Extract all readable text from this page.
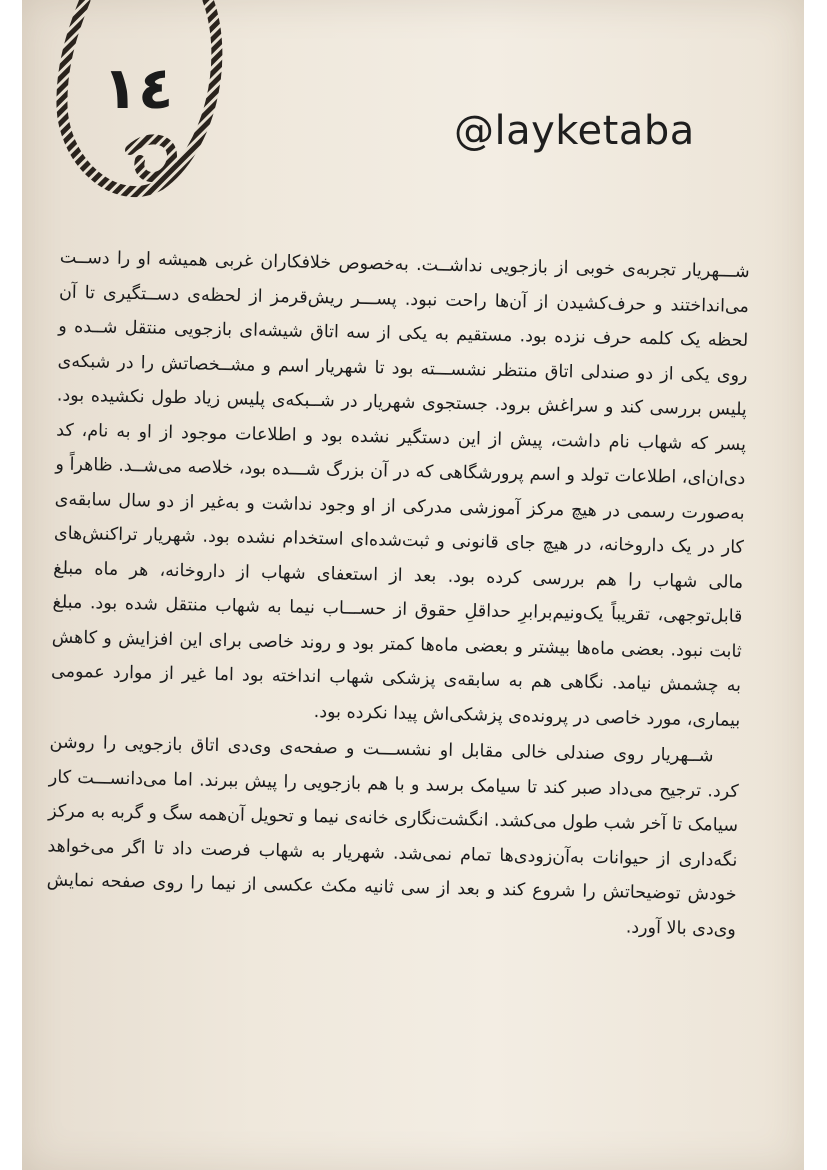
۱٤
@layketaba

شـــهریار تجربه‌ی خوبی از بازجویی نداشــت. به‌خصوص خلافکاران غربی همیشه او را دســت می‌انداختند و حرف‌کشیدن از آن‌ها راحت نبود. پســـر ریش‌قرمز از لحظه‌ی دســتگیری تا آن لحظه یک کلمه حرف نزده بود. مستقیم به یکی از سه اتاق شیشه‌ای بازجویی منتقل شــده و روی یکی از دو صندلی اتاق منتظر نشســـته بود تا شهریار اسم و مشــخصاتش را در شبکه‌ی پلیس بررسی کند و سراغش برود. جستجوی شهریار در شــبکه‌ی پلیس زیاد طول نکشیده بود. پسر که شهاب نام داشت، پیش از این دستگیر نشده بود و اطلاعات موجود از او به نام، کد دی‌ان‌ای، اطلاعات تولد و اسم پرورشگاهی که در آن بزرگ شـــده بود، خلاصه می‌شــد. ظاهراً و به‌صورت رسمی در هیچ مرکز آموزشی مدرکی از او وجود نداشت و به‌غیر از دو سال سابقه‌ی کار در یک داروخانه، در هیچ جای قانونی و ثبت‌شده‌ای استخدام نشده بود. شهریار تراکنش‌های مالی شهاب را هم بررسی کرده بود. بعد از استعفای شهاب از داروخانه، هر ماه مبلغ قابل‌توجهی، تقریباً یک‌ونیم‌برابرِ حداقلِ حقوق از حســـاب نیما به شهاب منتقل شده بود. مبلغ ثابت نبود. بعضی ماه‌ها بیشتر و بعضی ماه‌ها کمتر بود و روند خاصی برای این افزایش و کاهش به چشمش نیامد. نگاهی هم به سابقه‌ی پزشکی شهاب انداخته بود اما غیر از موارد عمومی بیماری، مورد خاصی در پرونده‌ی پزشکی‌اش پیدا نکرده بود.

شــهریار روی صندلی خالی مقابل او نشســـت و صفحه‌ی وی‌دی اتاق بازجویی را روشن کرد. ترجیح می‌داد صبر کند تا سیامک برسد و با هم بازجویی را پیش ببرند. اما می‌دانســـت کار سیامک تا آخر شب طول می‌کشد. انگشت‌نگاری خانه‌ی نیما و تحویل آن‌همه سگ و گربه به مرکز نگه‌داری از حیوانات به‌آن‌زودی‌ها تمام نمی‌شد. شهریار به شهاب فرصت داد تا اگر می‌خواهد خودش توضیحاتش را شروع کند و بعد از سی ثانیه مکث عکسی از نیما را روی صفحه نمایش وی‌دی بالا آورد.
